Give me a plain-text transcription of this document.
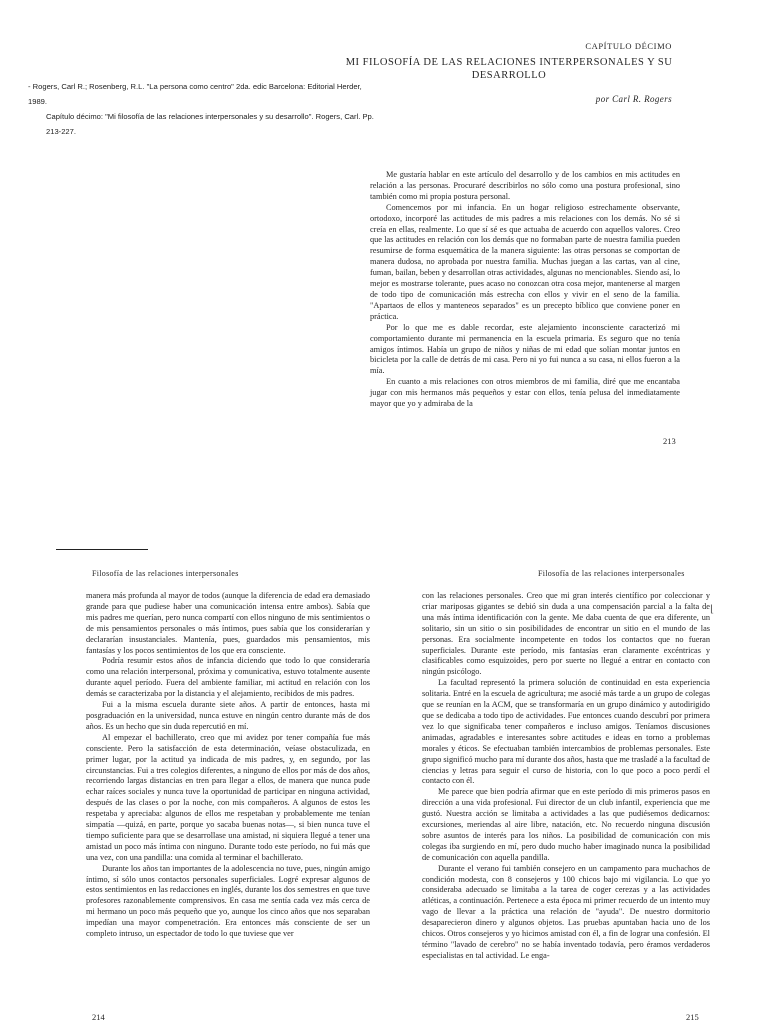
CAPÍTULO DÉCIMO
MI FILOSOFÍA DE LAS RELACIONES INTERPERSONALES Y SU DESARROLLO
por Carl R. Rogers

- Rogers, Carl R.; Rosenberg, R.L. "La persona como centro" 2da. edic Barcelona: Editorial Herder, 1989.

Capítulo décimo: "Mi filosofía de las relaciones interpersonales y su desarrollo". Rogers, Carl. Pp. 213-227.

Me gustaría hablar en este artículo del desarrollo y de los cambios en mis actitudes en relación a las personas. Procuraré describirlos no sólo como una postura profesional, sino también como mi propia postura personal.

Comencemos por mi infancia. En un hogar religioso estrechamente observante, ortodoxo, incorporé las actitudes de mis padres a mis relaciones con los demás. No sé si creía en ellas, realmente. Lo que sí sé es que actuaba de acuerdo con aquellos valores. Creo que las actitudes en relación con los demás que no formaban parte de nuestra familia pueden resumirse de forma esquemática de la manera siguiente: las otras personas se comportan de manera dudosa, no aprobada por nuestra familia. Muchas juegan a las cartas, van al cine, fuman, bailan, beben y desarrollan otras actividades, algunas no mencionables. Siendo así, lo mejor es mostrarse tolerante, pues acaso no conozcan otra cosa mejor, mantenerse al margen de todo tipo de comunicación más estrecha con ellos y vivir en el seno de la familia. "Apartaos de ellos y manteneos separados" es un precepto bíblico que conviene poner en práctica.

Por lo que me es dable recordar, este alejamiento inconsciente caracterizó mi comportamiento durante mi permanencia en la escuela primaria. Es seguro que no tenía amigos íntimos. Había un grupo de niños y niñas de mi edad que solían montar juntos en bicicleta por la calle de detrás de mi casa. Pero ni yo fui nunca a su casa, ni ellos fueron a la mía.

En cuanto a mis relaciones con otros miembros de mi familia, diré que me encantaba jugar con mis hermanos más pequeños y estar con ellos, tenía pelusa del inmediatamente mayor que yo y admiraba de la

213
Filosofía de las relaciones interpersonales

manera más profunda al mayor de todos (aunque la diferencia de edad era demasiado grande para que pudiese haber una comunicación intensa entre ambos). Sabía que mis padres me querían, pero nunca compartí con ellos ninguno de mis sentimientos o de mis pensamientos personales o más íntimos, pues sabía que los considerarían y declararían insustanciales. Mantenía, pues, guardados mis pensamientos, mis fantasías y los pocos sentimientos de los que era consciente.

Podría resumir estos años de infancia diciendo que todo lo que consideraría como una relación interpersonal, próxima y comunicativa, estuvo totalmente ausente durante aquel período. Fuera del ambiente familiar, mi actitud en relación con los demás se caracterizaba por la distancia y el alejamiento, recibidos de mis padres.

Fui a la misma escuela durante siete años. A partir de entonces, hasta mi posgraduación en la universidad, nunca estuve en ningún centro durante más de dos años. Es un hecho que sin duda repercutió en mí.

Al empezar el bachillerato, creo que mi avidez por tener compañía fue más consciente. Pero la satisfacción de esta determinación, veíase obstaculizada, en primer lugar, por la actitud ya indicada de mis padres, y, en segundo, por las circunstancias. Fui a tres colegios diferentes, a ninguno de ellos por más de dos años, recorriendo largas distancias en tren para llegar a ellos, de manera que nunca pude echar raíces sociales y nunca tuve la oportunidad de participar en ninguna actividad, después de las clases o por la noche, con mis compañeros. A algunos de estos les respetaba y apreciaba: algunos de ellos me respetaban y probablemente me tenían simpatía —quizá, en parte, porque yo sacaba buenas notas—, si bien nunca tuve el tiempo suficiente para que se desarrollase una amistad, ni siquiera llegué a tener una amistad un poco más íntima con ninguno. Durante todo este período, no fui más que una vez, con una pandilla: una comida al terminar el bachillerato.

Durante los años tan importantes de la adolescencia no tuve, pues, ningún amigo íntimo, sí sólo unos contactos personales superficiales. Logré expresar algunos de estos sentimientos en las redacciones en inglés, durante los dos semestres en que tuve profesores razonablemente comprensivos. En casa me sentía cada vez más cerca de mi hermano un poco más pequeño que yo, aunque los cinco años que nos separaban impedían una mayor compenetración. Era entonces más consciente de ser un completo intruso, un espectador de todo lo que tuviese que ver

214
Filosofía de las relaciones interpersonales

con las relaciones personales. Creo que mi gran interés científico por coleccionar y criar mariposas gigantes se debió sin duda a una compensación parcial a la falta de una más íntima identificación con la gente. Me daba cuenta de que era diferente, un solitario, sin un sitio o sin posibilidades de encontrar un sitio en el mundo de las personas. Era socialmente incompetente en todos los contactos que no fueran superficiales. Durante este período, mis fantasías eran claramente excéntricas y clasificables como esquizoides, pero por suerte no llegué a entrar en contacto con ningún psicólogo.

La facultad representó la primera solución de continuidad en esta experiencia solitaria. Entré en la escuela de agricultura; me asocié más tarde a un grupo de colegas que se reunían en la ACM, que se transformaría en un grupo dinámico y autodirigido que se dedicaba a todo tipo de actividades. Fue entonces cuando descubrí por primera vez lo que significaba tener compañeros e incluso amigos. Teníamos discusiones animadas, agradables e interesantes sobre actitudes e ideas en torno a problemas morales y éticos. Se efectuaban también intercambios de problemas personales. Este grupo significó mucho para mí durante dos años, hasta que me trasladé a la facultad de ciencias y letras para seguir el curso de historia, con lo que poco a poco perdí el contacto con él.

Me parece que bien podría afirmar que en este período di mis primeros pasos en dirección a una vida profesional. Fui director de un club infantil, experiencia que me gustó. Nuestra acción se limitaba a actividades a las que pudiésemos dedicarnos: excursiones, meriendas al aire libre, natación, etc. No recuerdo ninguna discusión sobre asuntos de interés para los niños. La posibilidad de comunicación con mis colegas iba surgiendo en mí, pero dudo mucho haber imaginado nunca la posibilidad de comunicación con aquella pandilla.

Durante el verano fui también consejero en un campamento para muchachos de condición modesta, con 8 consejeros y 100 chicos bajo mi vigilancia. Lo que yo consideraba adecuado se limitaba a la tarea de coger cerezas y a las actividades atléticas, a continuación. Pertenece a esta época mi primer recuerdo de un intento muy vago de llevar a la práctica una relación de "ayuda". De nuestro dormitorio desaparecieron dinero y algunos objetos. Las pruebas apuntaban hacia uno de los chicos. Otros consejeros y yo hicimos amistad con él, a fin de lograr una confesión. El término "lavado de cerebro" no se había inventado todavía, pero éramos verdaderos especialistas en tal actividad. Le enga-

⌊
215
